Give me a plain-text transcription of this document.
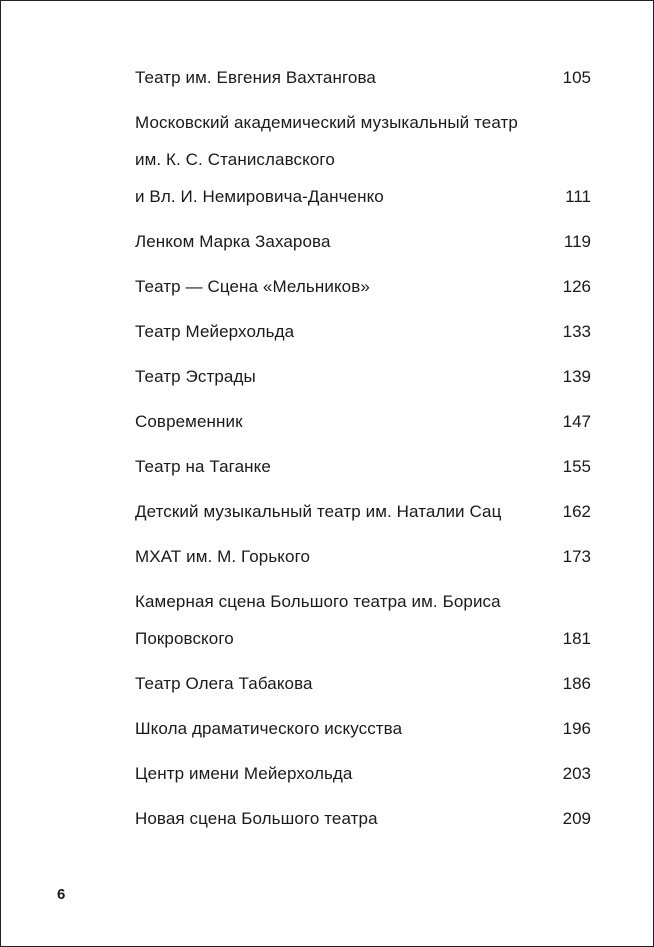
Театр им. Евгения Вахтангова	105
Московский академический музыкальный театр
им. К. С. Станиславского
и Вл. И. Немировича-Данченко	111
Ленком Марка Захарова	119
Театр — Сцена «Мельников»	126
Театр Мейерхольда	133
Театр Эстрады	139
Современник	147
Театр на Таганке	155
Детский музыкальный театр им. Наталии Сац	162
МХАТ им. М. Горького	173
Камерная сцена Большого театра им. Бориса
Покровского	181
Театр Олега Табакова	186
Школа драматического искусства	196
Центр имени Мейерхольда	203
Новая сцена Большого театра	209
6
